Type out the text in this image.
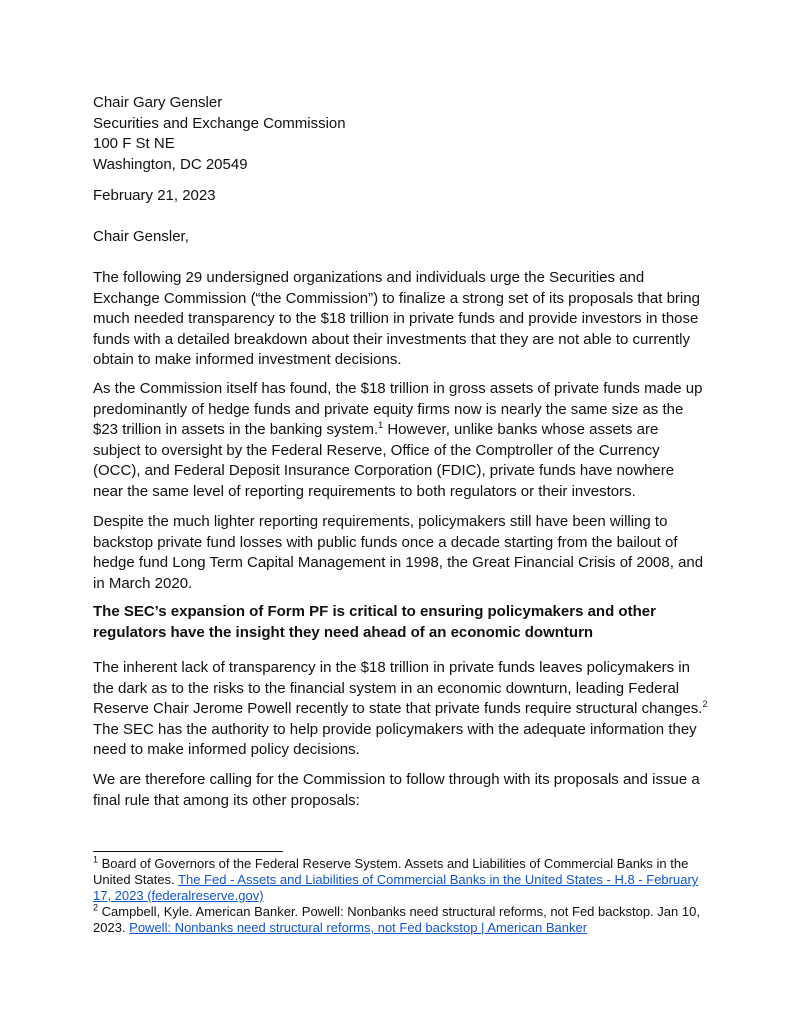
Chair Gary Gensler
Securities and Exchange Commission
100 F St NE
Washington, DC 20549

February 21, 2023

Chair Gensler,

The following 29 undersigned organizations and individuals urge the Securities and Exchange Commission (“the Commission”) to finalize a strong set of its proposals that bring much needed transparency to the $18 trillion in private funds and provide investors in those funds with a detailed breakdown about their investments that they are not able to currently obtain to make informed investment decisions.

As the Commission itself has found, the $18 trillion in gross assets of private funds made up predominantly of hedge funds and private equity firms now is nearly the same size as the $23 trillion in assets in the banking system.$^1$ However, unlike banks whose assets are subject to oversight by the Federal Reserve, Office of the Comptroller of the Currency (OCC), and Federal Deposit Insurance Corporation (FDIC), private funds have nowhere near the same level of reporting requirements to both regulators or their investors.

Despite the much lighter reporting requirements, policymakers still have been willing to backstop private fund losses with public funds once a decade starting from the bailout of hedge fund Long Term Capital Management in 1998, the Great Financial Crisis of 2008, and in March 2020.

The SEC’s expansion of Form PF is critical to ensuring policymakers and other regulators have the insight they need ahead of an economic downturn

The inherent lack of transparency in the $18 trillion in private funds leaves policymakers in the dark as to the risks to the financial system in an economic downturn, leading Federal Reserve Chair Jerome Powell recently to state that private funds require structural changes.$^2$ The SEC has the authority to help provide policymakers with the adequate information they need to make informed policy decisions.

We are therefore calling for the Commission to follow through with its proposals and issue a final rule that among its other proposals:

$^1$ Board of Governors of the Federal Reserve System. Assets and Liabilities of Commercial Banks in the
United States. The Fed - Assets and Liabilities of Commercial Banks in the United States - H.8 - February
17, 2023 (federalreserve.gov)
$^2$ Campbell, Kyle. American Banker. Powell: Nonbanks need structural reforms, not Fed backstop. Jan 10,
2023. Powell: Nonbanks need structural reforms, not Fed backstop | American Banker
